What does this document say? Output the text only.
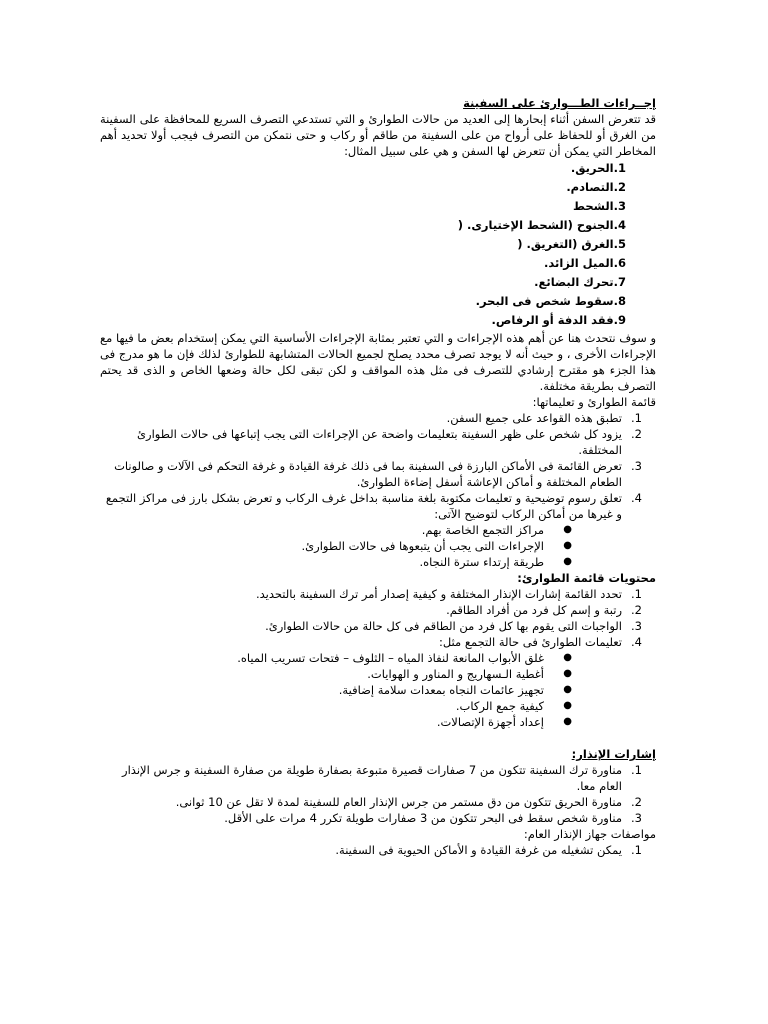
إجــراءات الطـــوارئ على السفينة

قد تتعرض السفن أثناء إبحارها إلى العديد من حالات الطوارئ و التي تستدعي التصرف السريع للمحافظة على السفينة من الغرق أو للحفاظ على أرواح من على السفينة من طاقم أو ركاب و حتى نتمكن من التصرف فيجب أولا تحديد أهم المخاطر التي يمكن أن تتعرض لها السفن و هي على سبيل المثال:

1.الحريق.

2.التصادم.

3.الشحط

4.الجنوح (الشحط الإختيارى. (

5.الغرق (التغريق. (

6.الميل الزائد.

7.تحرك البضائع.

8.سقوط شخص فى البحر.

9.فقد الدفة أو الرفاص.

و سوف نتحدث هنا عن أهم هذه الإجراءات و التي تعتبر بمثابة الإجراءات الأساسية التي يمكن إستخدام بعض ما فيها مع الإجراءات الأخرى ، و حيث أنه لا يوجد تصرف محدد يصلح لجميع الحالات المتشابهة للطوارئ لذلك فإن ما هو مدرج فى هذا الجزء هو مقترح إرشادي للتصرف فى مثل هذه المواقف و لكن تبقى لكل حالة وضعها الخاص و الذى قد يحتم التصرف بطريقة مختلفة.

قائمة الطوارئ و تعليماتها:

1.
تطبق هذه القواعد على جميع السفن.
2.
يزود كل شخص على ظهر السفينة بتعليمات واضحة عن الإجراءات التى يجب إتباعها فى حالات الطوارئ المختلفة.
3.
تعرض القائمة فى الأماكن البارزة فى السفينة بما فى ذلك غرفة القيادة و غرفة التحكم فى الآلات و صالونات الطعام المختلفة و أماكن الإعاشة أسفل إضاءة الطوارئ.
4.
تعلق رسوم توضيحية و تعليمات مكتوبة بلغة مناسبة بداخل غرف الركاب و تعرض بشكل بارز فى مراكز التجمع و غيرها من أماكن الركاب لتوضيح الآتى:
●
مراكز التجمع الخاصة بهم.
●
الإجراءات التى يجب أن يتبعوها فى حالات الطوارئ.
●
طريقة إرتداء سترة النجاه.

محتويات قائمة الطوارئ:

1.
تحدد القائمة إشارات الإنذار المختلفة و كيفية إصدار أمر ترك السفينة بالتحديد.
2.
رتبة و إسم كل فرد من أفراد الطاقم.
3.
الواجبات التى يقوم بها كل فرد من الطاقم فى كل حالة من حالات الطوارئ.
4.
تعليمات الطوارئ فى حالة التجمع مثل:
●
غلق الأبواب المانعة لنفاذ المياه – الثلوف – فتحات تسريب المياه.
●
أغطية الـسهاريج و المناور و الهوايات.
●
تجهيز عائمات النجاه بمعدات سلامة إضافية.
●
كيفية جمع الركاب.
●
إعداد أجهزة الإتصالات.

إشارات الإنذار:

1.
مناورة ترك السفينة تتكون من 7 صفارات قصيرة متبوعة بصفارة طويلة من صفارة السفينة و جرس الإنذار العام معا.
2.
مناورة الحريق تتكون من دق مستمر من جرس الإنذار العام للسفينة لمدة لا تقل عن 10 ثوانى.
3.
مناورة شخص سقط فى البحر تتكون من 3 صفارات طويلة تكرر 4 مرات على الأقل.

مواصفات جهاز الإنذار العام:

1.
يمكن تشغيله من غرفة القيادة و الأماكن الحيوية فى السفينة.
